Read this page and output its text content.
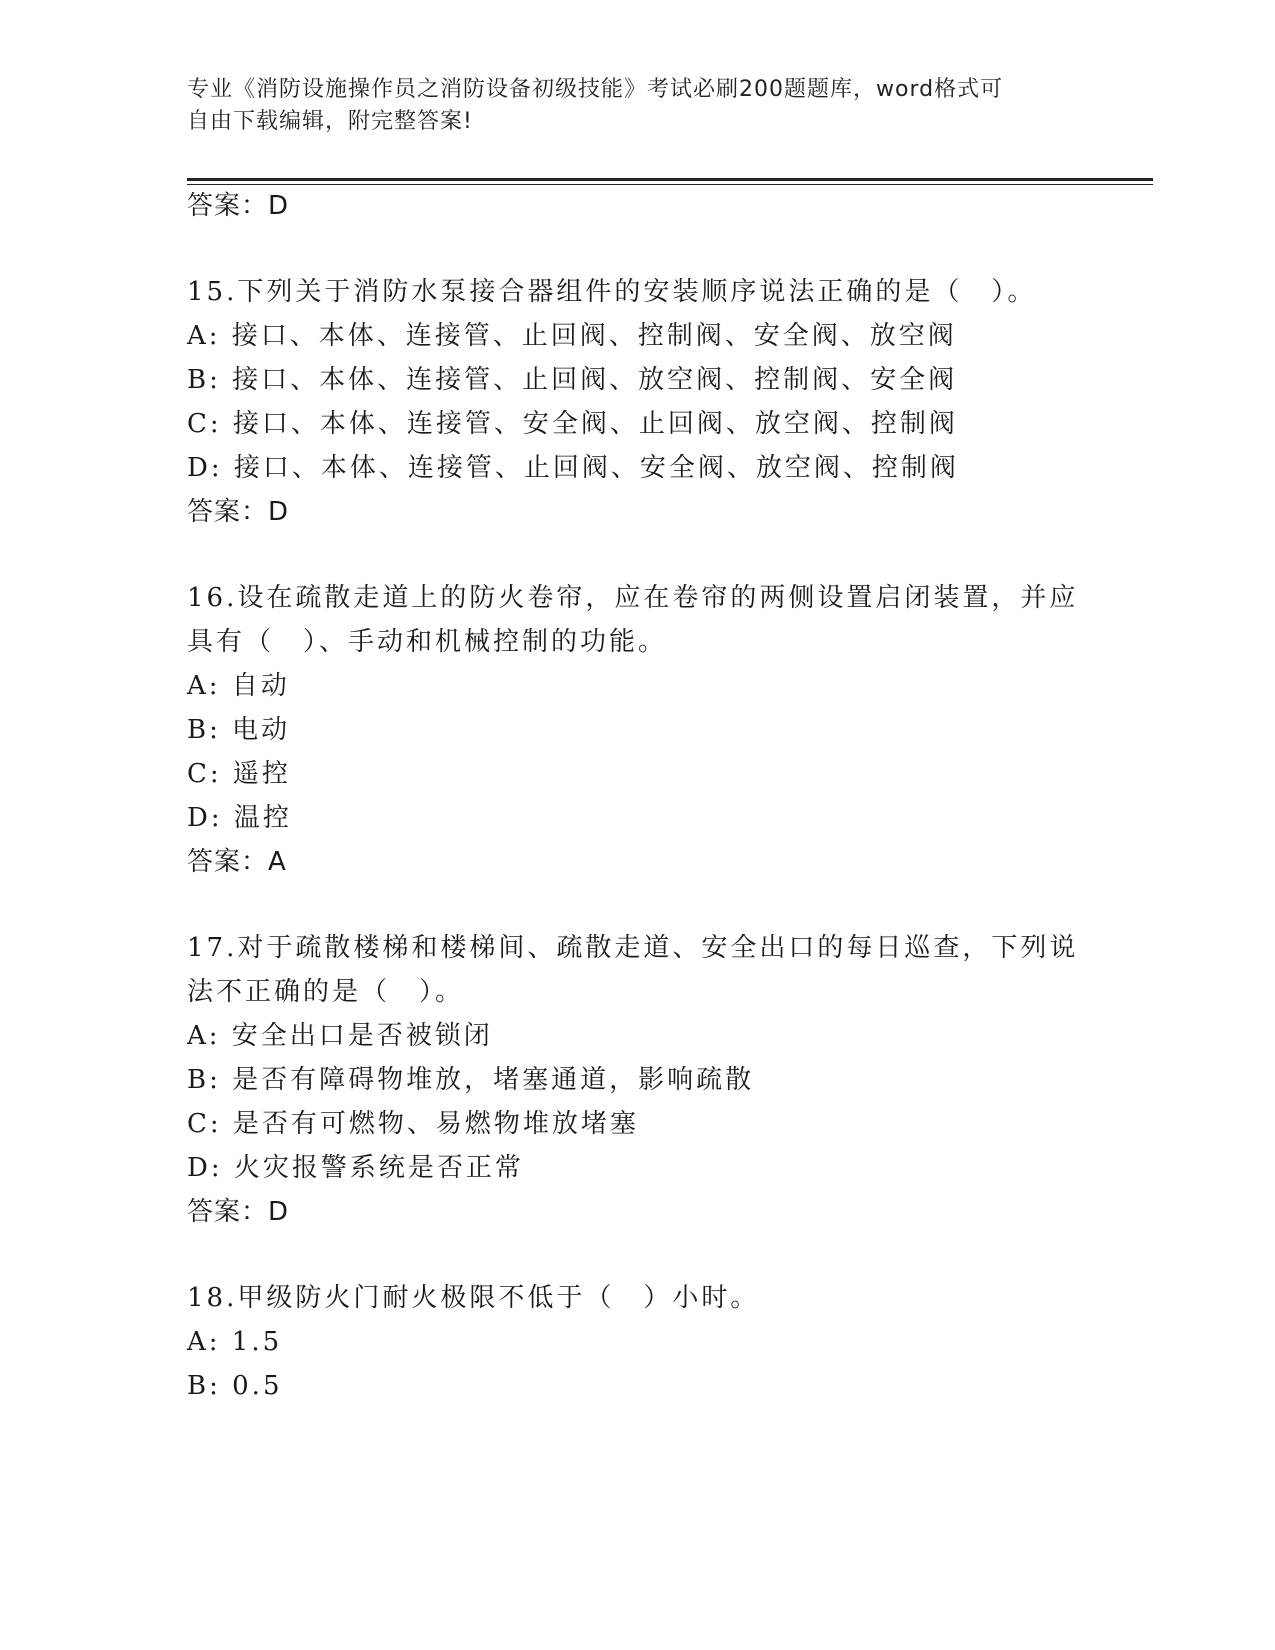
专业《消防设施操作员之消防设备初级技能》考试必刷200题题库，word格式可
自由下载编辑，附完整答案!
答案：D
15.下列关于消防水泵接合器组件的安装顺序说法正确的是（　）。
A: 接口、本体、连接管、止回阀、控制阀、安全阀、放空阀
B: 接口、本体、连接管、止回阀、放空阀、控制阀、安全阀
C: 接口、本体、连接管、安全阀、止回阀、放空阀、控制阀
D: 接口、本体、连接管、止回阀、安全阀、放空阀、控制阀
答案：D
16.设在疏散走道上的防火卷帘，应在卷帘的两侧设置启闭装置，并应
具有（　）、手动和机械控制的功能。
A: 自动
B: 电动
C: 遥控
D: 温控
答案：A
17.对于疏散楼梯和楼梯间、疏散走道、安全出口的每日巡查，下列说
法不正确的是（　）。
A: 安全出口是否被锁闭
B: 是否有障碍物堆放，堵塞通道，影响疏散
C: 是否有可燃物、易燃物堆放堵塞
D: 火灾报警系统是否正常
答案：D
18.甲级防火门耐火极限不低于（　）小时。
A: 1.5
B: 0.5
